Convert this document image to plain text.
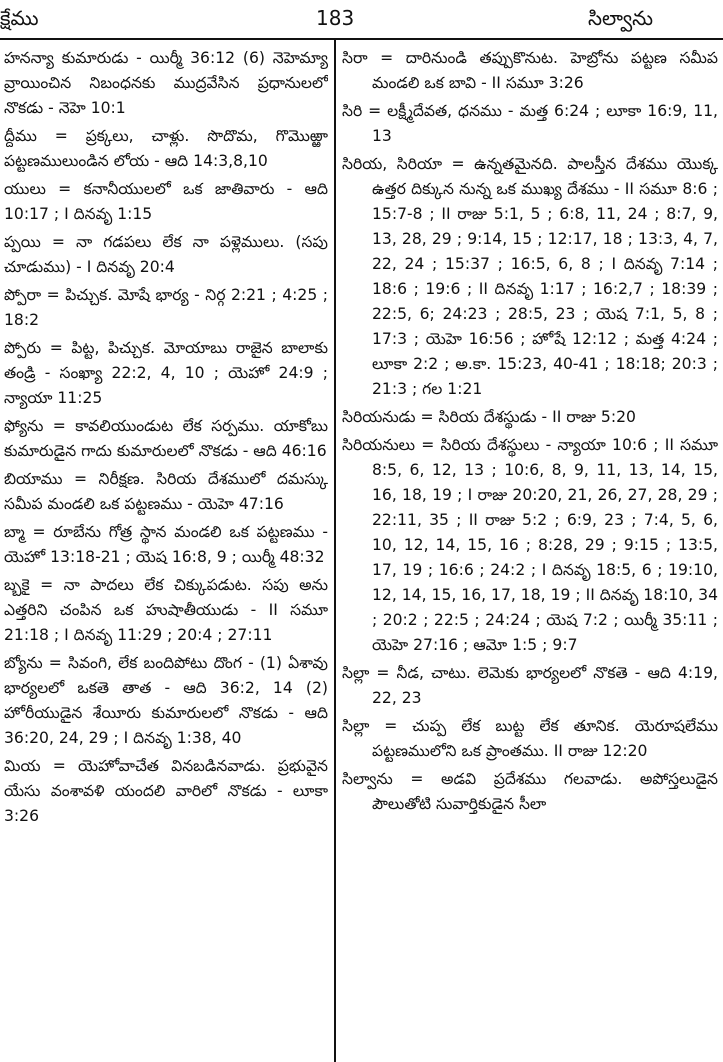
క్షేము	183	సిల్వాను

హనన్యా కుమారుడు - యిర్మీ 36:12 (6) నెహెమ్యా వ్రాయించిన నిబంధనకు ముద్రవేసిన ప్రధానులలో నొకడు - నెహె 10:1

ద్దీము = ప్రక్కలు, చాళ్లు. సొదొమ, గొమొఱ్ఱా పట్టణములుండిన లోయ - ఆది 14:3,8,10

యులు = కనానీయులలో ఒక జాతివారు - ఆది 10:17 ; I దినవృ 1:15

ప్పయి = నా గడపలు లేక నా పళ్లెములు. (సపు చూడుము) - I దినవృ 20:4

ప్పోరా = పిచ్చుక. మోషే భార్య - నిర్గ 2:21 ; 4:25 ; 18:2

ప్పోరు = పిట్ట, పిచ్చుక. మోయాబు రాజైన బాలాకు తండ్రి - సంఖ్యా 22:2, 4, 10 ; యెహో 24:9 ; న్యాయా 11:25

ఫ్యోను = కావలియుండుట లేక సర్పము. యాకోబు కుమారుడైన గాదు కుమారులలో నొకడు - ఆది 46:16

బియాము = నిరీక్షణ. సిరియ దేశములో దమస్కు సమీప మండలి ఒక పట్టణము - యెహె 47:16

బ్మా = రూబేను గోత్ర స్థాన మండలి ఒక పట్టణము - యెహో 13:18-21 ; యెష 16:8, 9 ; యిర్మీ 48:32

బ్బకై = నా పాదలు లేక చిక్కుపడుట. సపు అను ఎత్తరిని చంపిన ఒక హుషాతీయుడు - II సమూ 21:18 ; I దినవృ 11:29 ; 20:4 ; 27:11

బ్యోను = సివంగి, లేక బందిపోటు దొంగ - (1) ఏశావు భార్యలలో ఒకతె తాత - ఆది 36:2, 14 (2) హోరీయుడైన శేయీరు కుమారులలో నొకడు - ఆది 36:20, 24, 29 ; I దినవృ 1:38, 40

మియ = యెహోవాచేత వినబడినవాడు. ప్రభువైన యేసు వంశావళి యందలి వారిలో నొకడు - లూకా 3:26

సిరా = దారినుండి తప్పుకొనుట. హెబ్రోను పట్టణ సమీప మండలి ఒక బావి - II సమూ 3:26

సిరి = లక్ష్మీదేవత, ధనము - మత్త 6:24 ; లూకా 16:9, 11, 13

సిరియ, సిరియా = ఉన్నతమైనది. పాలస్తీన దేశము యొక్క ఉత్తర దిక్కున నున్న ఒక ముఖ్య దేశము - II సమూ 8:6 ; 15:7-8 ; II రాజు 5:1, 5 ; 6:8, 11, 24 ; 8:7, 9, 13, 28, 29 ; 9:14, 15 ; 12:17, 18 ; 13:3, 4, 7, 22, 24 ; 15:37 ; 16:5, 6, 8 ; I దినవృ 7:14 ; 18:6 ; 19:6 ; II దినవృ 1:17 ; 16:2,7 ; 18:39 ; 22:5, 6; 24:23 ; 28:5, 23 ; యెష 7:1, 5, 8 ; 17:3 ; యెహె 16:56 ; హోషే 12:12 ; మత్త 4:24 ; లూకా 2:2 ; అ.కా. 15:23, 40-41 ; 18:18; 20:3 ; 21:3 ; గల 1:21

సిరియనుడు = సిరియ దేశస్థుడు - II రాజు 5:20

సిరియనులు = సిరియ దేశస్థులు - న్యాయా 10:6 ; II సమూ 8:5, 6, 12, 13 ; 10:6, 8, 9, 11, 13, 14, 15, 16, 18, 19 ; I రాజు 20:20, 21, 26, 27, 28, 29 ; 22:11, 35 ; II రాజు 5:2 ; 6:9, 23 ; 7:4, 5, 6, 10, 12, 14, 15, 16 ; 8:28, 29 ; 9:15 ; 13:5, 17, 19 ; 16:6 ; 24:2 ; I దినవృ 18:5, 6 ; 19:10, 12, 14, 15, 16, 17, 18, 19 ; II దినవృ 18:10, 34 ; 20:2 ; 22:5 ; 24:24 ; యెష 7:2 ; యిర్మీ 35:11 ; యెహె 27:16 ; ఆమో 1:5 ; 9:7

సిల్లా = నీడ, చాటు. లెమెకు భార్యలలో నొకతె - ఆది 4:19, 22, 23

సిల్లా = చుప్ప లేక బుట్ట లేక తూనిక. యెరూషలేము పట్టణములోని ఒక ప్రాంతము. II రాజు 12:20

సిల్వాను = అడవి ప్రదేశము గలవాడు. అపోస్తలుడైన పౌలుతోటి సువార్తికుడైన సీలా
